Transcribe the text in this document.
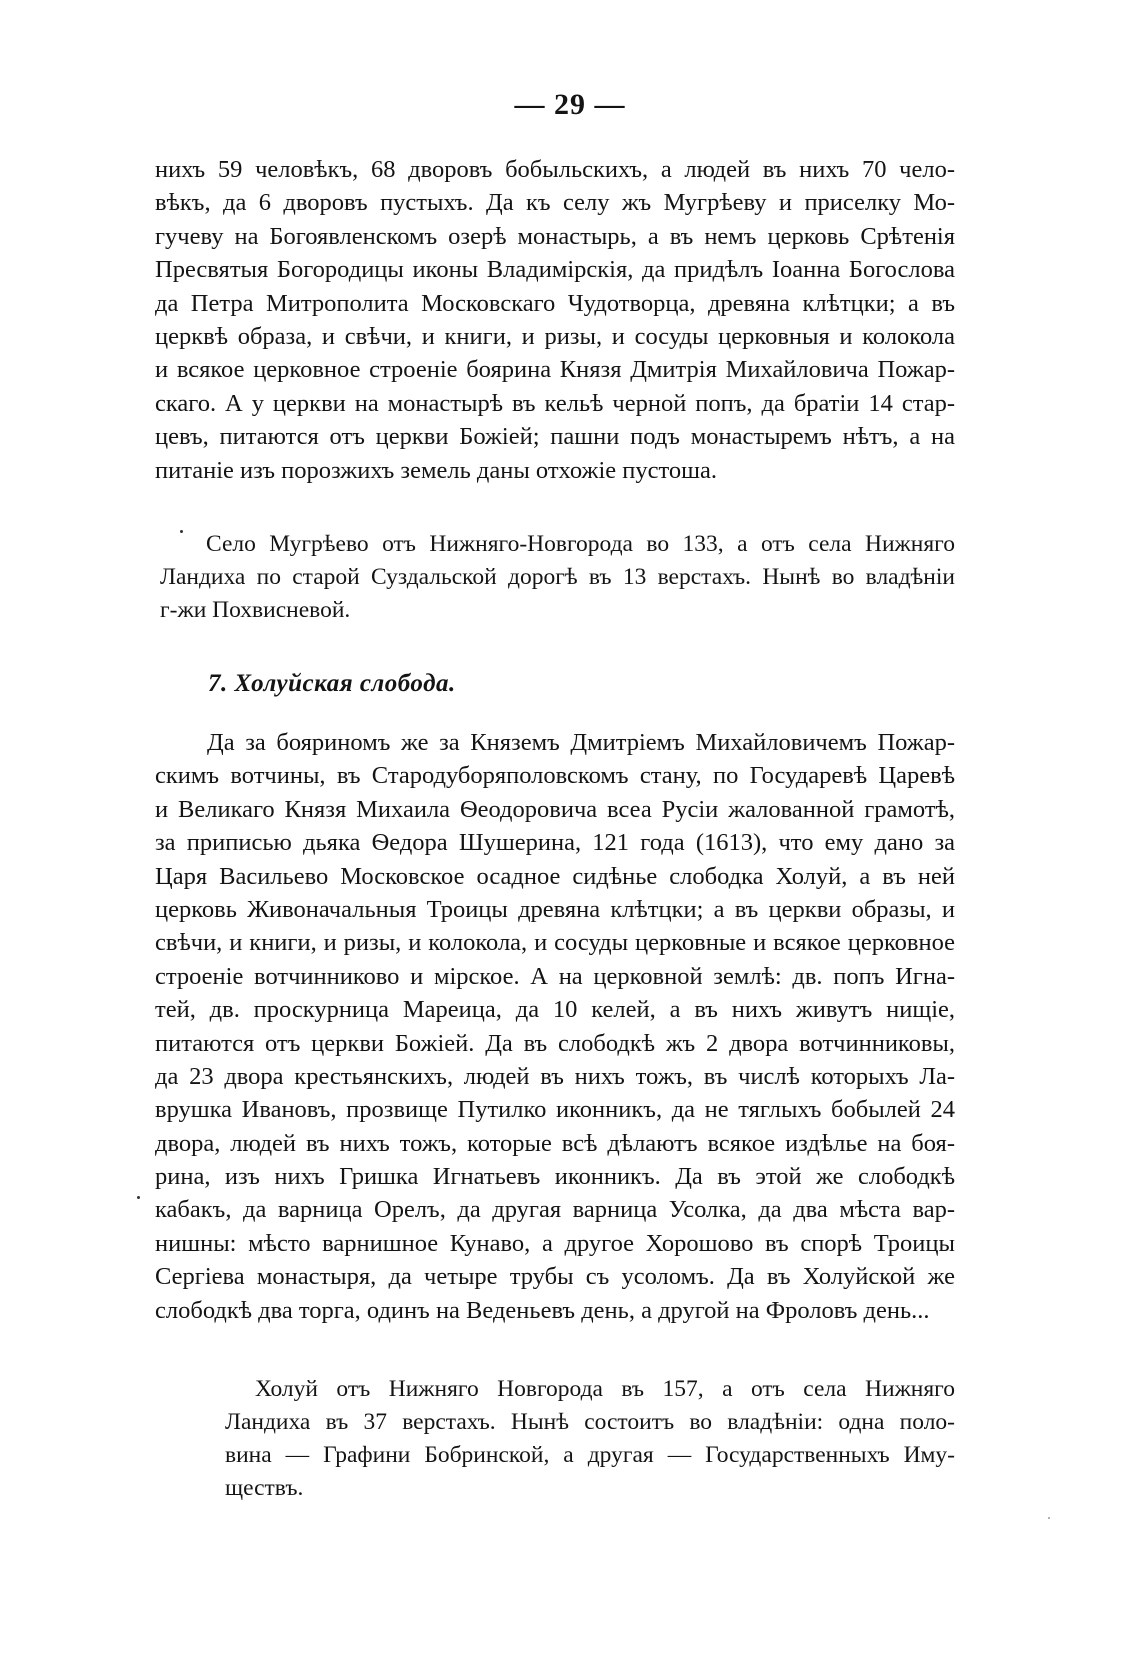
— 29 —
нихъ 59 человѣкъ, 68 дворовъ бобыльскихъ, а людей въ нихъ 70 чело-
вѣкъ, да 6 дворовъ пустыхъ. Да къ селу жъ Мугрѣеву и приселку Мо-
гучеву на Богоявленскомъ озерѣ монастырь, а въ немъ церковь Срѣтенія
Пресвятыя Богородицы иконы Владимірскія, да придѣлъ Іоанна Богослова
да Петра Митрополита Московскаго Чудотворца, древяна клѣтцки; а въ
церквѣ образа, и свѣчи, и книги, и ризы, и сосуды церковныя и колокола
и всякое церковное строеніе боярина Князя Дмитрія Михайловича Пожар-
скаго. А у церкви на монастырѣ въ кельѣ черной попъ, да братіи 14 стар-
цевъ, питаются отъ церкви Божiей; пашни подъ монастыремъ нѣтъ, а на
питаніе изъ порозжихъ земель даны отхожіе пустоша.
Село Мугрѣево отъ Нижняго-Новгорода во 133, а отъ села Нижняго
Ландиха по старой Суздальской дорогѣ въ 13 верстахъ. Нынѣ во владѣніи
г-жи Похвисневой.
7. Холуйская слобода.
Да за бояриномъ же за Княземъ Дмитріемъ Михайловичемъ Пожар-
скимъ вотчины, въ Стародубоpяполовскомъ стану, по Государевѣ Царевѣ
и Великаго Князя Михаила Ѳеодоровича всеа Русіи жалованной грамотѣ,
за приписью дьяка Ѳедора Шушерина, 121 года (1613), что ему дано за
Царя Васильево Московское осадное сидѣнье слободка Холуй, а въ ней
церковь Живоначальныя Троицы древяна клѣтцки; а въ церкви образы, и
свѣчи, и книги, и ризы, и колокола, и сосуды церковные и всякое церковное
строеніе вотчинниково и мірское. А на церковной землѣ: дв. попъ Игна-
тей, дв. проскурница Мареица, да 10 келей, а въ нихъ живутъ нищіе,
питаются отъ церкви Божiей. Да въ слободкѣ жъ 2 двора вотчинниковы,
да 23 двора крестьянскихъ, людей въ нихъ тожъ, въ числѣ которыхъ Ла-
врушка Ивановъ, прозвище Путилко иконникъ, да не тяглыхъ бобылей 24
двора, людей въ нихъ тожъ, которые всѣ дѣлаютъ всякое издѣлье на боя-
рина, изъ нихъ Гришка Игнатьевъ иконникъ. Да въ этой же слободкѣ
кабакъ, да варница Орелъ, да другая варница Усолка, да два мѣста вар-
нишны: мѣсто варнишное Кунаво, а другое Хорошово въ спорѣ Троицы
Сергіева монастыря, да четыре трубы съ уcоломъ. Да въ Холуйской же
слободкѣ два торга, одинъ на Веденьевъ день, а другой на Фроловъ день...
Холуй отъ Нижняго Новгорода въ 157, а отъ села Нижняго
Ландиха въ 37 верстахъ. Нынѣ состоитъ во владѣніи: одна поло-
вина — Графини Бобринской, а другая — Государственныхъ Иму-
ществъ.
